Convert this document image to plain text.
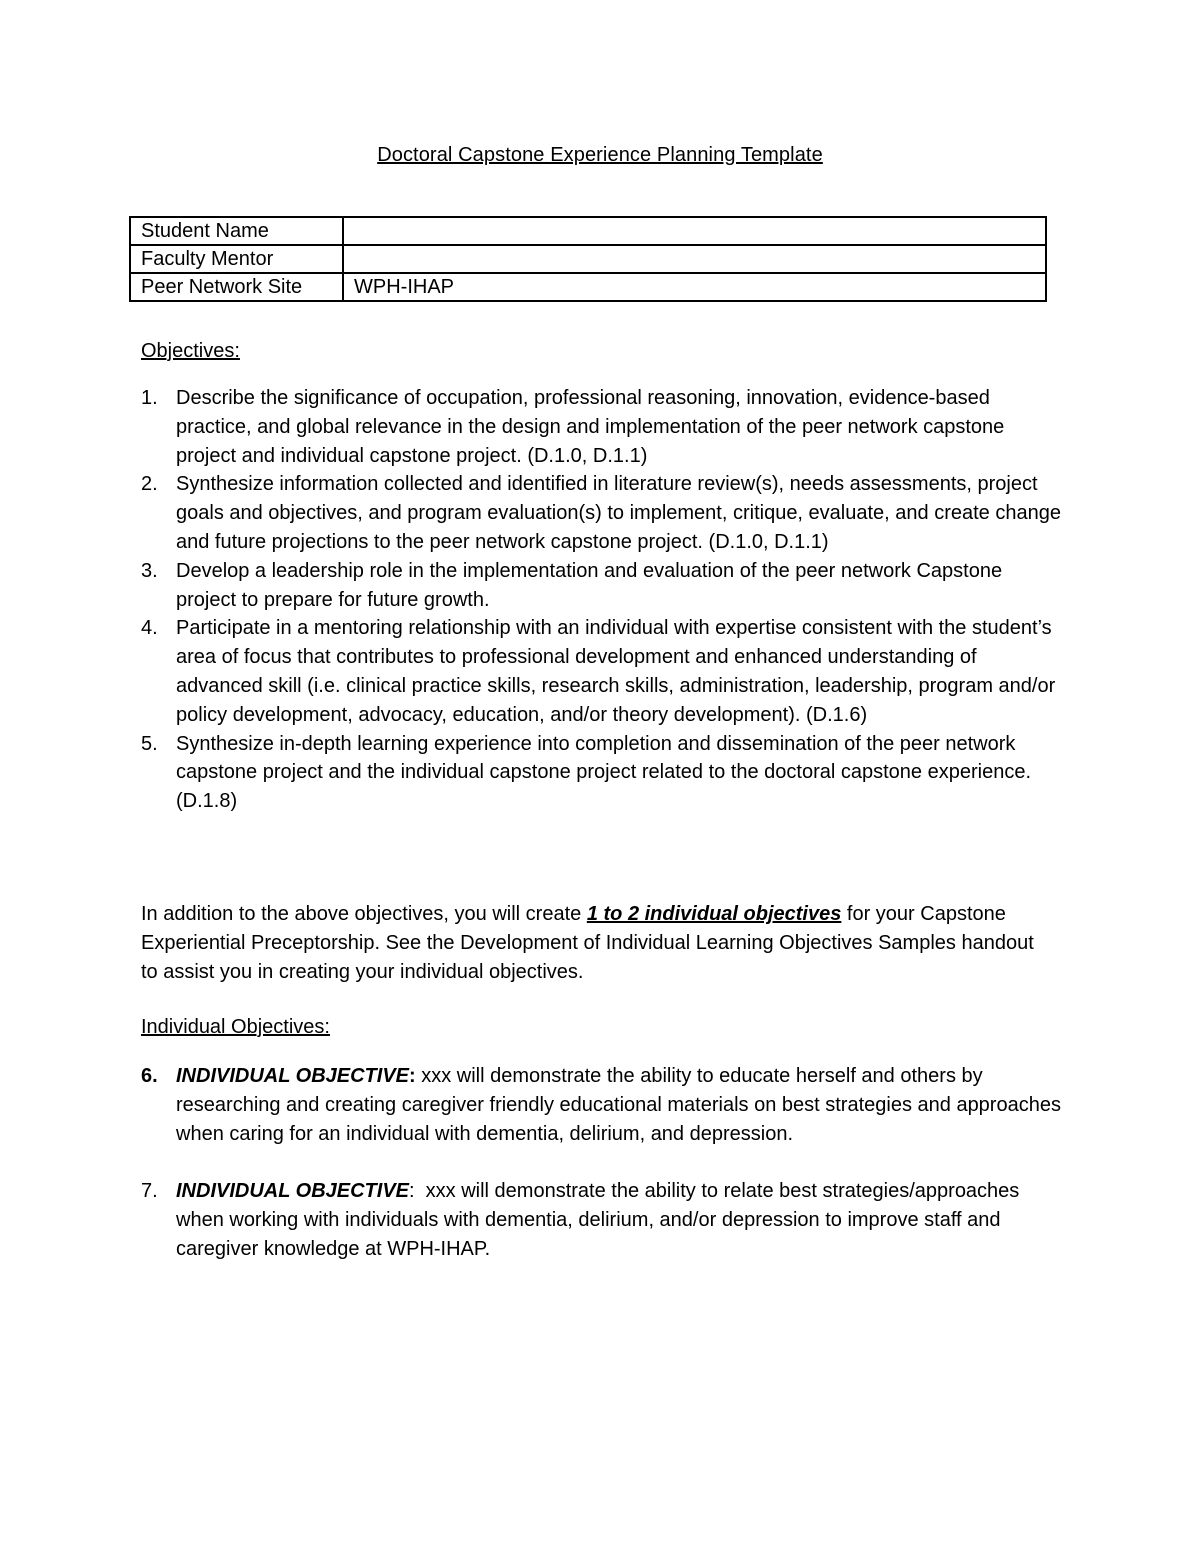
Doctoral Capstone Experience Planning Template
Student Name	
Faculty Mentor	
Peer Network Site	WPH-IHAP
Objectives:
1. Describe the significance of occupation, professional reasoning, innovation, evidence-based practice, and global relevance in the design and implementation of the peer network capstone project and individual capstone project. (D.1.0, D.1.1)
2. Synthesize information collected and identified in literature review(s), needs assessments, project goals and objectives, and program evaluation(s) to implement, critique, evaluate, and create change and future projections to the peer network capstone project. (D.1.0, D.1.1)
3. Develop a leadership role in the implementation and evaluation of the peer network Capstone project to prepare for future growth.
4. Participate in a mentoring relationship with an individual with expertise consistent with the student’s area of focus that contributes to professional development and enhanced understanding of advanced skill (i.e. clinical practice skills, research skills, administration, leadership, program and/or policy development, advocacy, education, and/or theory development). (D.1.6)
5. Synthesize in-depth learning experience into completion and dissemination of the peer network capstone project and the individual capstone project related to the doctoral capstone experience. (D.1.8)
In addition to the above objectives, you will create 1 to 2 individual objectives for your Capstone Experiential Preceptorship. See the Development of Individual Learning Objectives Samples handout to assist you in creating your individual objectives.
Individual Objectives:
6. INDIVIDUAL OBJECTIVE: xxx will demonstrate the ability to educate herself and others by researching and creating caregiver friendly educational materials on best strategies and approaches when caring for an individual with dementia, delirium, and depression.
7. INDIVIDUAL OBJECTIVE:  xxx will demonstrate the ability to relate best strategies/approaches when working with individuals with dementia, delirium, and/or depression to improve staff and caregiver knowledge at WPH-IHAP.
